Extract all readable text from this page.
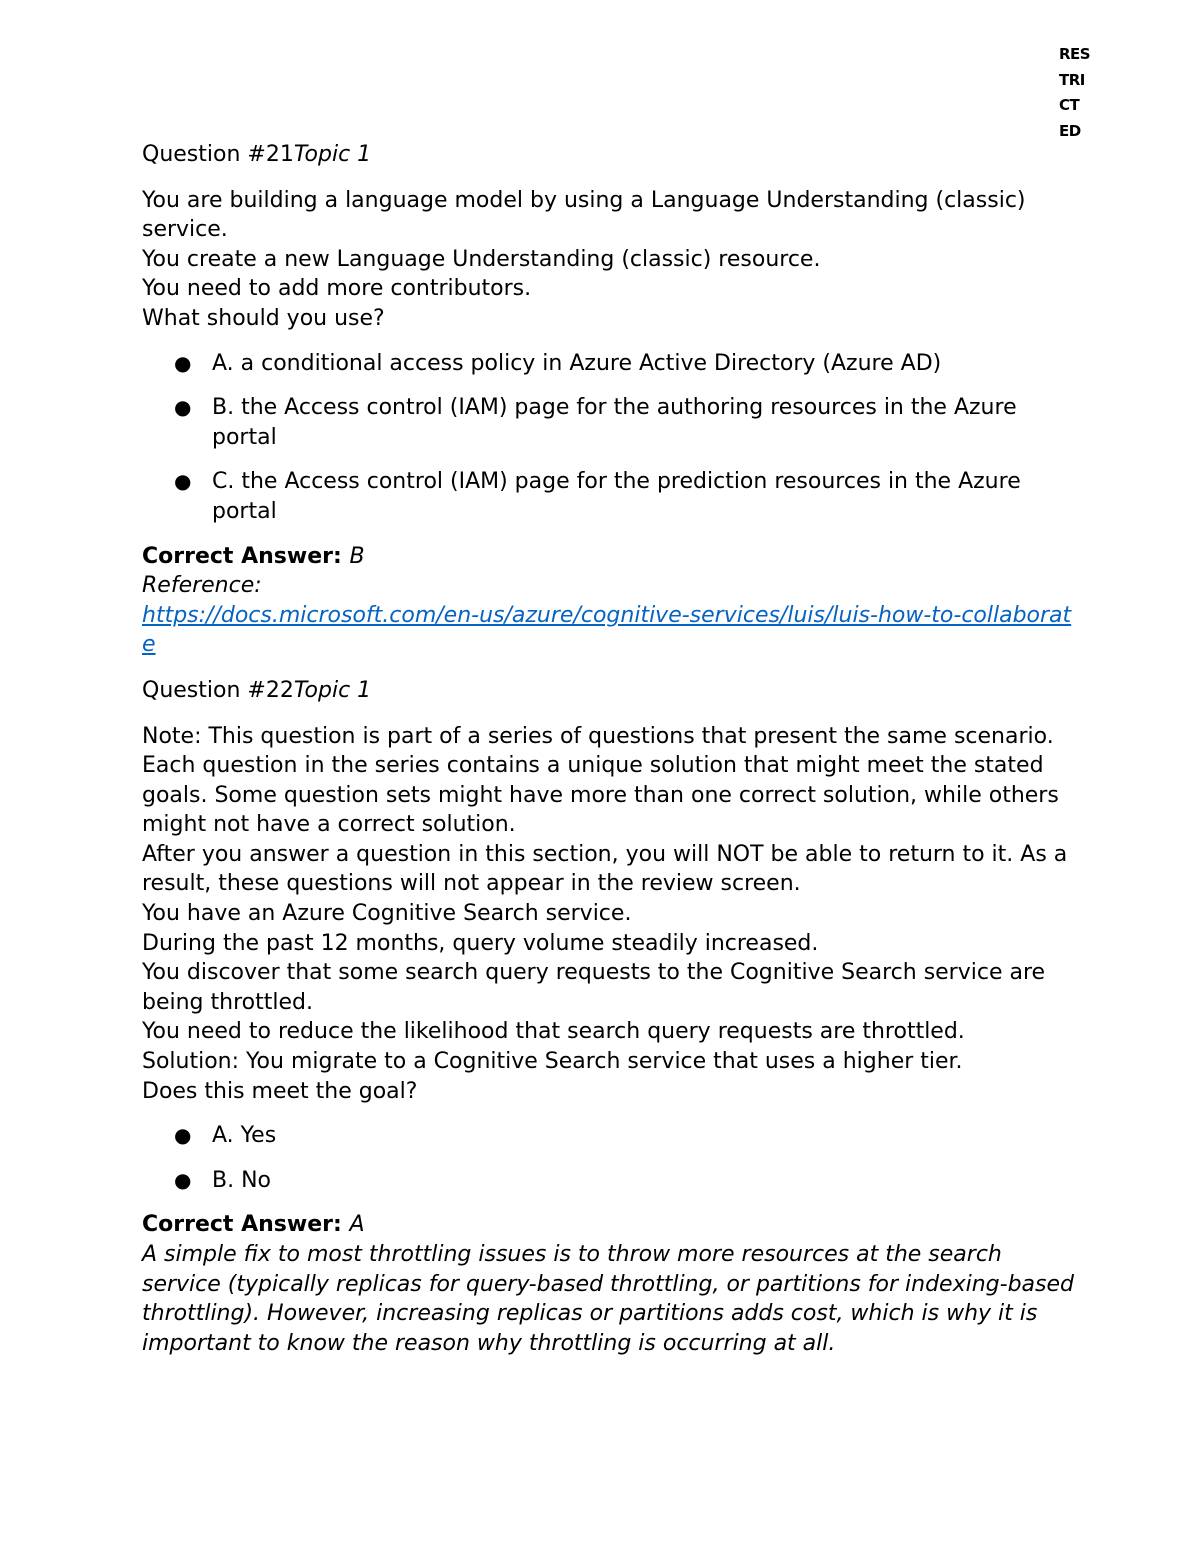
RES
TRI
CT
ED

Question #21Topic 1

You are building a language model by using a Language Understanding (classic) service.

You create a new Language Understanding (classic) resource.

You need to add more contributors.

What should you use?

● A. a conditional access policy in Azure Active Directory (Azure AD)
● B. the Access control (IAM) page for the authoring resources in the Azure portal
● C. the Access control (IAM) page for the prediction resources in the Azure portal

Correct Answer: B

Reference:

https://docs.microsoft.com/en-us/azure/cognitive-services/luis/luis-how-to-collaborate

Question #22Topic 1

Note: This question is part of a series of questions that present the same scenario. Each question in the series contains a unique solution that might meet the stated goals. Some question sets might have more than one correct solution, while others might not have a correct solution.

After you answer a question in this section, you will NOT be able to return to it. As a result, these questions will not appear in the review screen.

You have an Azure Cognitive Search service.

During the past 12 months, query volume steadily increased.

You discover that some search query requests to the Cognitive Search service are being throttled.

You need to reduce the likelihood that search query requests are throttled.

Solution: You migrate to a Cognitive Search service that uses a higher tier.

Does this meet the goal?

● A. Yes
● B. No

Correct Answer: A

A simple fix to most throttling issues is to throw more resources at the search service (typically replicas for query-based throttling, or partitions for indexing-based throttling). However, increasing replicas or partitions adds cost, which is why it is important to know the reason why throttling is occurring at all.
